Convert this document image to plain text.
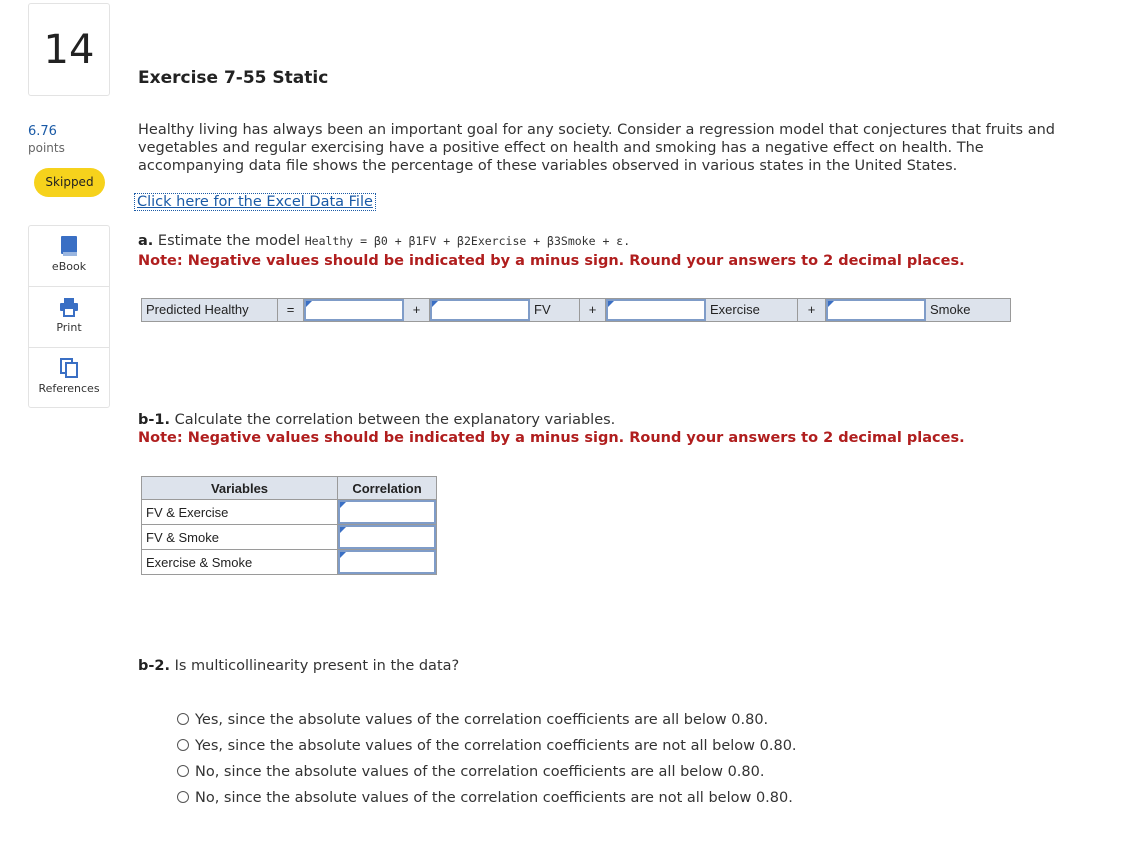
14
6.76
points
Skipped
eBook
Print
References
Exercise 7-55 Static
Healthy living has always been an important goal for any society. Consider a regression model that conjectures that fruits and vegetables and regular exercising have a positive effect on health and smoking has a negative effect on health. The accompanying data file shows the percentage of these variables observed in various states in the United States.
Click here for the Excel Data File
a. Estimate the model Healthy = β0 + β1FV + β2Exercise + β3Smoke + ε.
Note: Negative values should be indicated by a minus sign. Round your answers to 2 decimal places.
Predicted Healthy	=	+	FV	+	Exercise	+	Smoke
b-1. Calculate the correlation between the explanatory variables.
Note: Negative values should be indicated by a minus sign. Round your answers to 2 decimal places.
Variables	Correlation
FV & Exercise	

FV & Smoke	

Exercise & Smoke	
b-2. Is multicollinearity present in the data?
Yes, since the absolute values of the correlation coefficients are all below 0.80.
Yes, since the absolute values of the correlation coefficients are not all below 0.80.
No, since the absolute values of the correlation coefficients are all below 0.80.
No, since the absolute values of the correlation coefficients are not all below 0.80.
